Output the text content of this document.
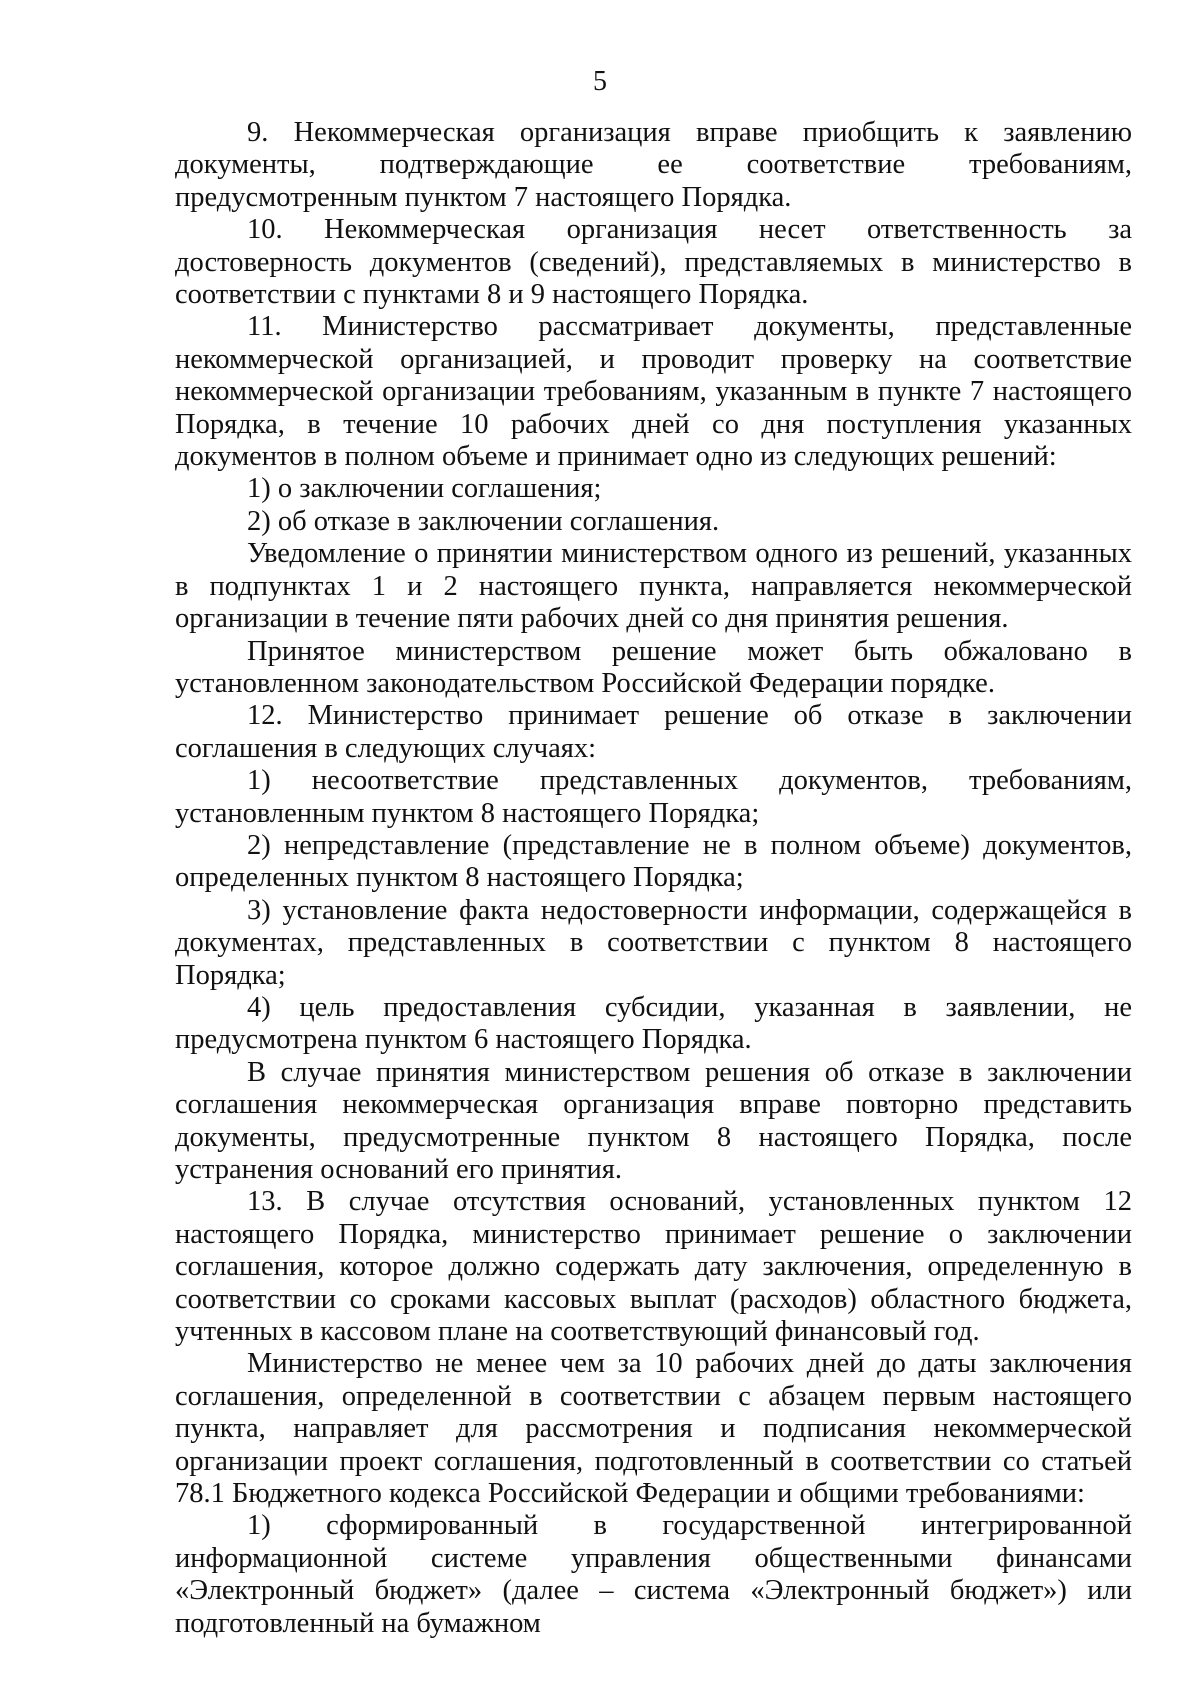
5

9. Некоммерческая организация вправе приобщить к заявлению документы, подтверждающие ее соответствие требованиям, предусмотренным пунктом 7 настоящего Порядка.

10. Некоммерческая организация несет ответственность за достоверность документов (сведений), представляемых в министерство в соответствии с пунктами 8 и 9 настоящего Порядка.

11. Министерство рассматривает документы, представленные некоммерческой организацией, и проводит проверку на соответствие некоммерческой организации требованиям, указанным в пункте 7 настоящего Порядка, в течение 10 рабочих дней со дня поступления указанных документов в полном объеме и принимает одно из следующих решений:

1) о заключении соглашения;

2) об отказе в заключении соглашения.

Уведомление о принятии министерством одного из решений, указанных в подпунктах 1 и 2 настоящего пункта, направляется некоммерческой организации в течение пяти рабочих дней со дня принятия решения.

Принятое министерством решение может быть обжаловано в установленном законодательством Российской Федерации порядке.

12. Министерство принимает решение об отказе в заключении соглашения в следующих случаях:

1) несоответствие представленных документов, требованиям, установленным пунктом 8 настоящего Порядка;

2) непредставление (представление не в полном объеме) документов, определенных пунктом 8 настоящего Порядка;

3) установление факта недостоверности информации, содержащейся в документах, представленных в соответствии с пунктом 8 настоящего Порядка;

4) цель предоставления субсидии, указанная в заявлении, не предусмотрена пунктом 6 настоящего Порядка.

В случае принятия министерством решения об отказе в заключении соглашения некоммерческая организация вправе повторно представить документы, предусмотренные пунктом 8 настоящего Порядка, после устранения оснований его принятия.

13. В случае отсутствия оснований, установленных пунктом 12 настоящего Порядка, министерство принимает решение о заключении соглашения, которое должно содержать дату заключения, определенную в соответствии со сроками кассовых выплат (расходов) областного бюджета, учтенных в кассовом плане на соответствующий финансовый год.

Министерство не менее чем за 10 рабочих дней до даты заключения соглашения, определенной в соответствии с абзацем первым настоящего пункта, направляет для рассмотрения и подписания некоммерческой организации проект соглашения, подготовленный в соответствии со статьей 78.1 Бюджетного кодекса Российской Федерации и общими требованиями:

1) сформированный в государственной интегрированной информационной системе управления общественными финансами «Электронный бюджет» (далее – система «Электронный бюджет») или подготовленный на бумажном
